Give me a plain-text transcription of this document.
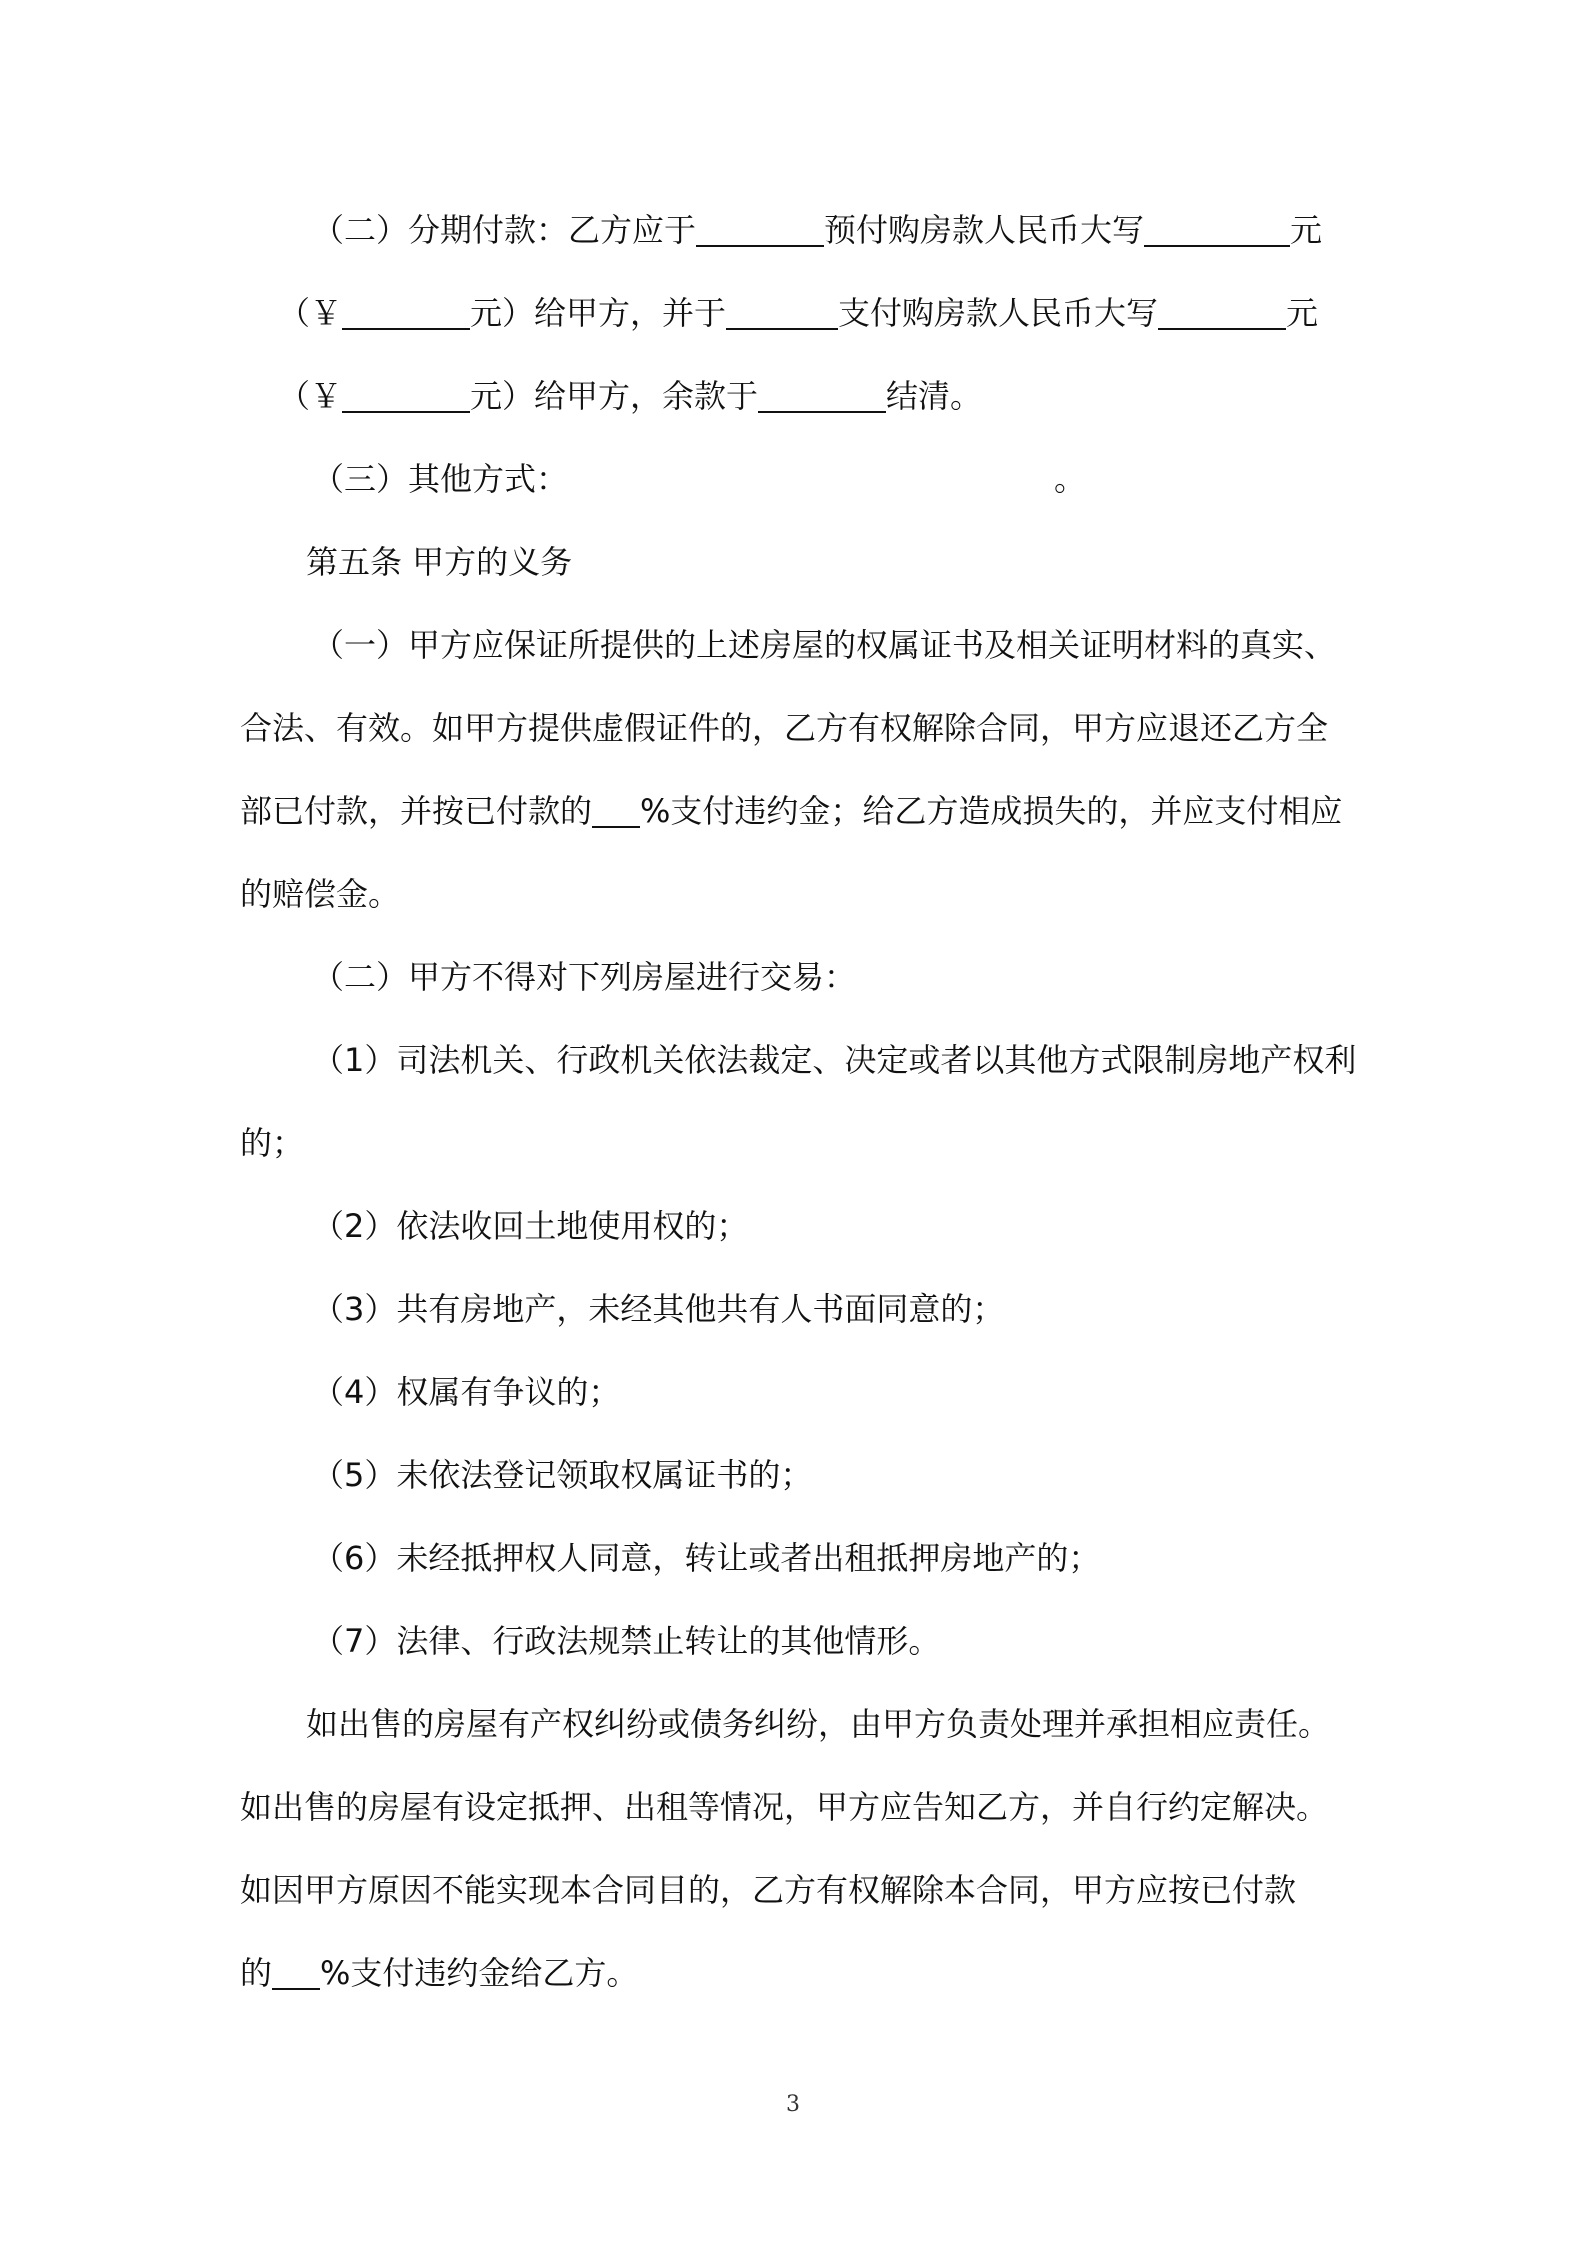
（二）分期付款：乙方应于	预付购房款人民币大写	元
（￥	元）给甲方，并于	支付购房款人民币大写	元
（￥	元）给甲方，余款于	结清。
（三）其他方式：	。
第五条 甲方的义务
（一）甲方应保证所提供的上述房屋的权属证书及相关证明材料的真实、
合法、有效。如甲方提供虚假证件的，乙方有权解除合同，甲方应退还乙方全
部已付款，并按已付款的 %支付违约金；给乙方造成损失的，并应支付相应
的赔偿金。
（二）甲方不得对下列房屋进行交易：
（1）司法机关、行政机关依法裁定、决定或者以其他方式限制房地产权利
的；
（2）依法收回土地使用权的；
（3）共有房地产，未经其他共有人书面同意的；
（4）权属有争议的；
（5）未依法登记领取权属证书的；
（6）未经抵押权人同意，转让或者出租抵押房地产的；
（7）法律、行政法规禁止转让的其他情形。
如出售的房屋有产权纠纷或债务纠纷，由甲方负责处理并承担相应责任。
如出售的房屋有设定抵押、出租等情况，甲方应告知乙方，并自行约定解决。
如因甲方原因不能实现本合同目的，乙方有权解除本合同，甲方应按已付款
的 %支付违约金给乙方。
3
